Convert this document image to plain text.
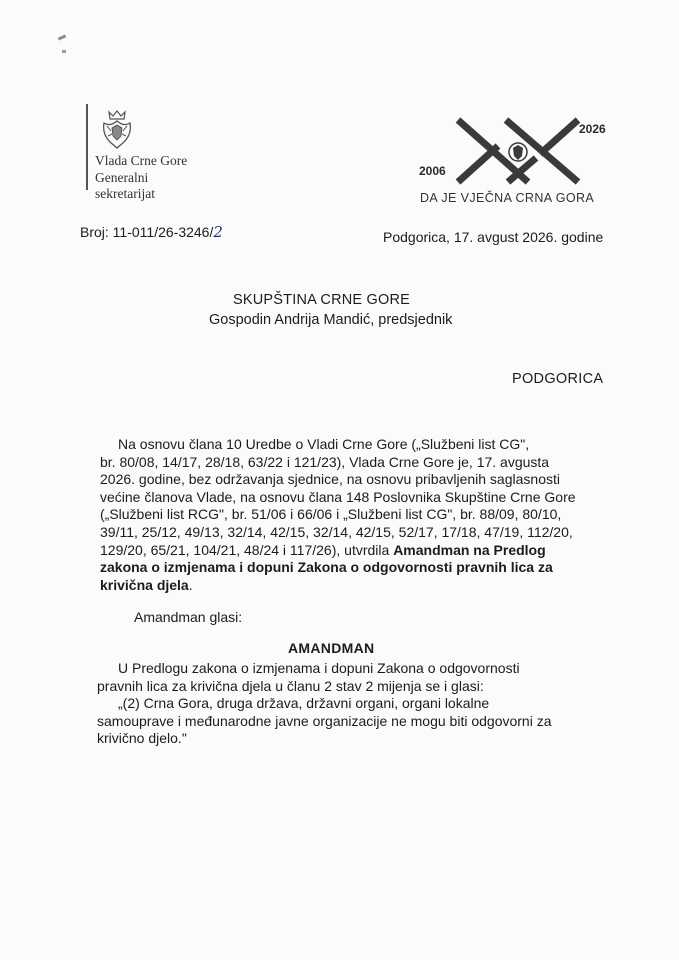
Vlada Crne Gore
Generalni
sekretarijat
2006
2026
DA JE VJEČNA CRNA GORA
Broj: 11-011/26-3246/2	Podgorica, 17. avgust 2026. godine
SKUPŠTINA CRNE GORE
Gospodin Andrija Mandić, predsjednik
PODGORICA
Na osnovu člana 10 Uredbe o Vladi Crne Gore („Službeni list CG",
br. 80/08, 14/17, 28/18, 63/22 i 121/23), Vlada Crne Gore je, 17. avgusta
2026. godine, bez održavanja sjednice, na osnovu pribavljenih saglasnosti
većine članova Vlade, na osnovu člana 148 Poslovnika Skupštine Crne Gore
(„Službeni list RCG", br. 51/06 i 66/06 i „Službeni list CG", br. 88/09, 80/10,
39/11, 25/12, 49/13, 32/14, 42/15, 32/14, 42/15, 52/17, 17/18, 47/19, 112/20,
129/20, 65/21, 104/21, 48/24 i 117/26), utvrdila Amandman na Predlog
zakona o izmjenama i dopuni Zakona o odgovornosti pravnih lica za
krivična djela.
Amandman glasi:
AMANDMAN
U Predlogu zakona o izmjenama i dopuni Zakona o odgovornosti
pravnih lica za krivična djela u članu 2 stav 2 mijenja se i glasi:
„(2) Crna Gora, druga država, državni organi, organi lokalne
samouprave i međunarodne javne organizacije ne mogu biti odgovorni za
krivično djelo."
